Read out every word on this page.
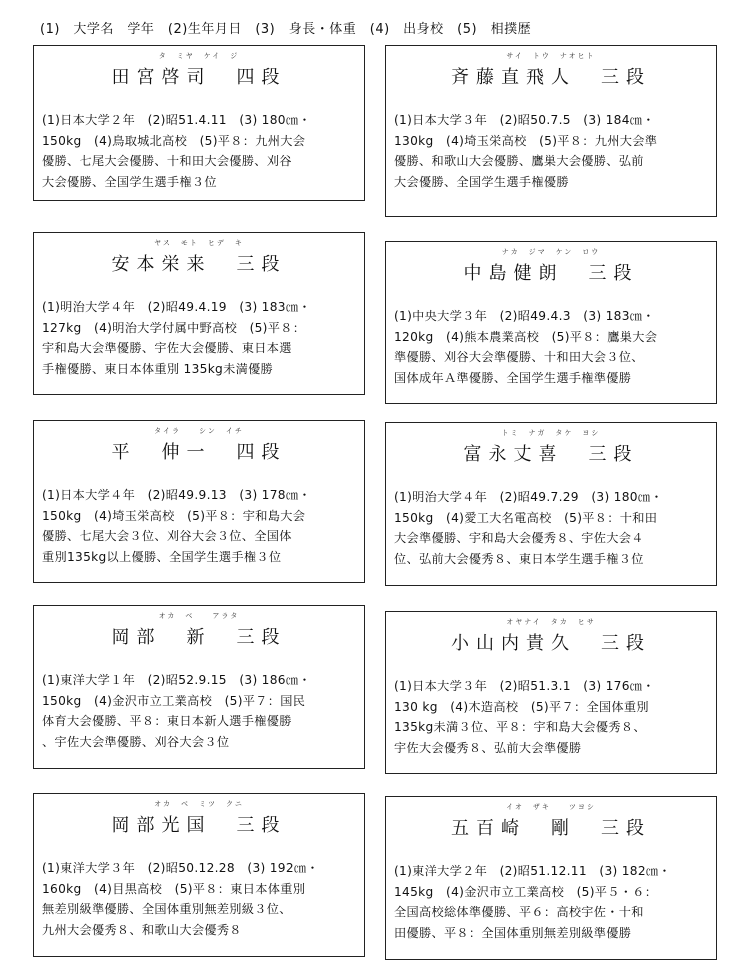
(1)　大学名　学年　(2)生年月日　(3)　身長・体重　(4)　出身校　(5)　相撲歴
タ　ミヤ　ケイ　ジ
田宮啓司　四段
(1)日本大学２年　(2)昭51.4.11　(3) 180㎝・
150kg　(4)鳥取城北高校　(5)平８：九州大会
優勝、七尾大会優勝、十和田大会優勝、刈谷
大会優勝、全国学生選手権３位
サイ　トウ　ナオヒト
斉藤直飛人　三段
(1)日本大学３年　(2)昭50.7.5　(3) 184㎝・
130kg　(4)埼玉栄高校　(5)平８：九州大会準
優勝、和歌山大会優勝、鷹巣大会優勝、弘前
大会優勝、全国学生選手権優勝
ヤス　モト　ヒデ　キ
安本栄来　三段
(1)明治大学４年　(2)昭49.4.19　(3) 183㎝・
127kg　(4)明治大学付属中野高校　(5)平８：
宇和島大会準優勝、宇佐大会優勝、東日本選
手権優勝、東日本体重別 135kg未満優勝
ナカ　ジマ　ケン　ロウ
中島健朗　三段
(1)中央大学３年　(2)昭49.4.3　(3) 183㎝・
120kg　(4)熊本農業高校　(5)平８：鷹巣大会
準優勝、刈谷大会準優勝、十和田大会３位、
国体成年Ａ準優勝、全国学生選手権準優勝
タイラ　　シン　イチ
平　伸一　四段
(1)日本大学４年　(2)昭49.9.13　(3) 178㎝・
150kg　(4)埼玉栄高校　(5)平８：宇和島大会
優勝、七尾大会３位、刈谷大会３位、全国体
重別135kg以上優勝、全国学生選手権３位
トミ　ナガ　タケ　ヨシ
富永丈喜　三段
(1)明治大学４年　(2)昭49.7.29　(3) 180㎝・
150kg　(4)愛工大名電高校　(5)平８：十和田
大会準優勝、宇和島大会優秀８、宇佐大会４
位、弘前大会優秀８、東日本学生選手権３位
オカ　ベ　　アラタ
岡部　新　三段
(1)東洋大学１年　(2)昭52.9.15　(3) 186㎝・
150kg　(4)金沢市立工業高校　(5)平７：国民
体育大会優勝、平８：東日本新人選手権優勝
、宇佐大会準優勝、刈谷大会３位
オヤナイ　タカ　ヒサ
小山内貴久　三段
(1)日本大学３年　(2)昭51.3.1　(3) 176㎝・
130 kg　(4)木造高校　(5)平７：全国体重別
135kg未満３位、平８：宇和島大会優秀８、
宇佐大会優秀８、弘前大会準優勝
オカ　ベ　ミツ　クニ
岡部光国　三段
(1)東洋大学３年　(2)昭50.12.28　(3) 192㎝・
160kg　(4)目黒高校　(5)平８：東日本体重別
無差別級準優勝、全国体重別無差別級３位、
九州大会優秀８、和歌山大会優秀８
イオ　ザキ　　ツヨシ
五百崎　剛　三段
(1)東洋大学２年　(2)昭51.12.11　(3) 182㎝・
145kg　(4)金沢市立工業高校　(5)平５・６：
全国高校総体準優勝、平６：高校宇佐・十和
田優勝、平８：全国体重別無差別級準優勝
